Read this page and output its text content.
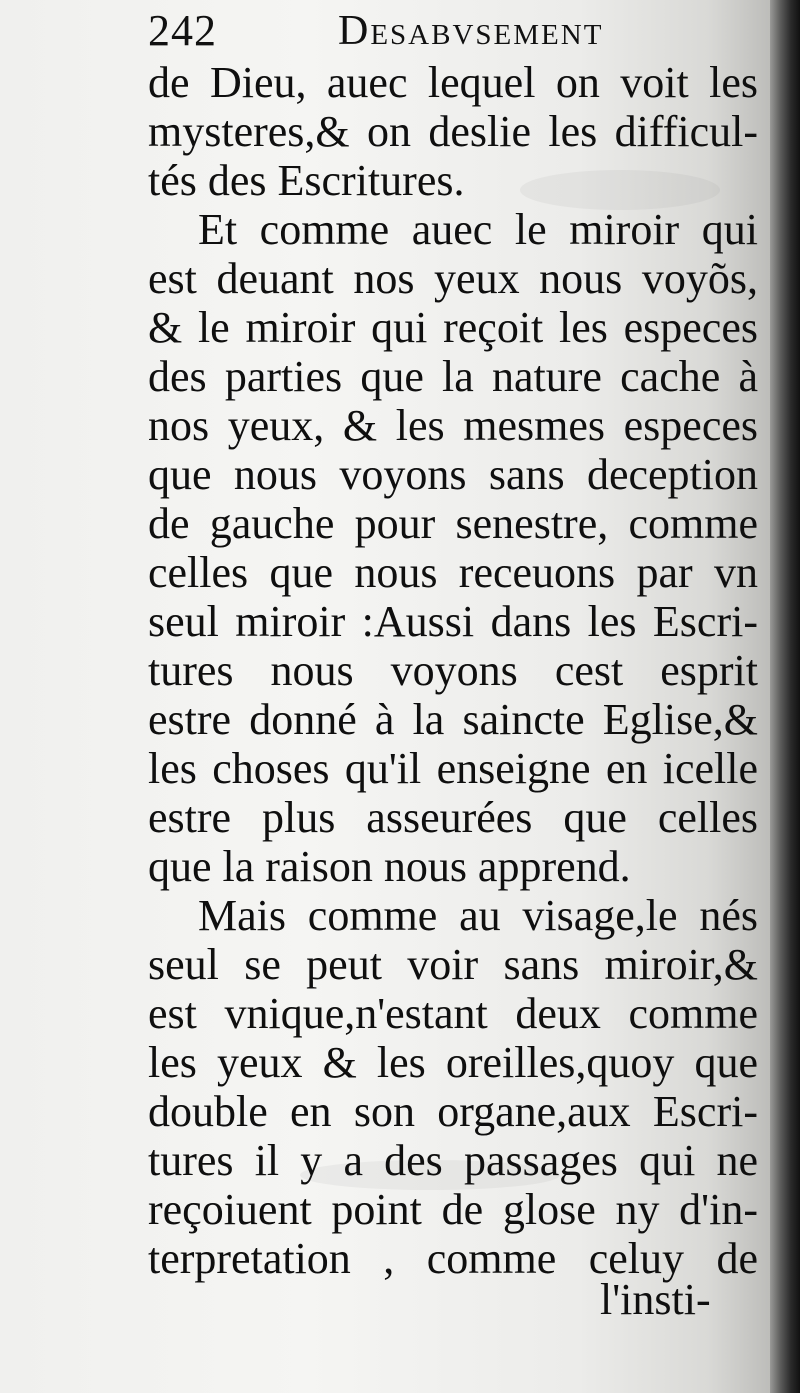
242	Desabvsement
de Dieu, auec lequel on voit les
mysteres,& on deslie les difficul-
tés des Escritures.
Et comme auec le miroir qui
est deuant nos yeux nous voyõs,
& le miroir qui reçoit les especes
des parties que la nature cache à
nos yeux, & les mesmes especes
que nous voyons sans deception
de gauche pour senestre, comme
celles que nous receuons par vn
seul miroir :Aussi dans les Escri-
tures nous voyons cest esprit
estre donné à la saincte Eglise,&
les choses qu'il enseigne en icelle
estre plus asseurées que celles
que la raison nous apprend.
Mais comme au visage,le nés
seul se peut voir sans miroir,&
est vnique,n'estant deux comme
les yeux & les oreilles,quoy que
double en son organe,aux Escri-
tures il y a des passages qui ne
reçoiuent point de glose ny d'in-
terpretation , comme celuy de
l'insti-
